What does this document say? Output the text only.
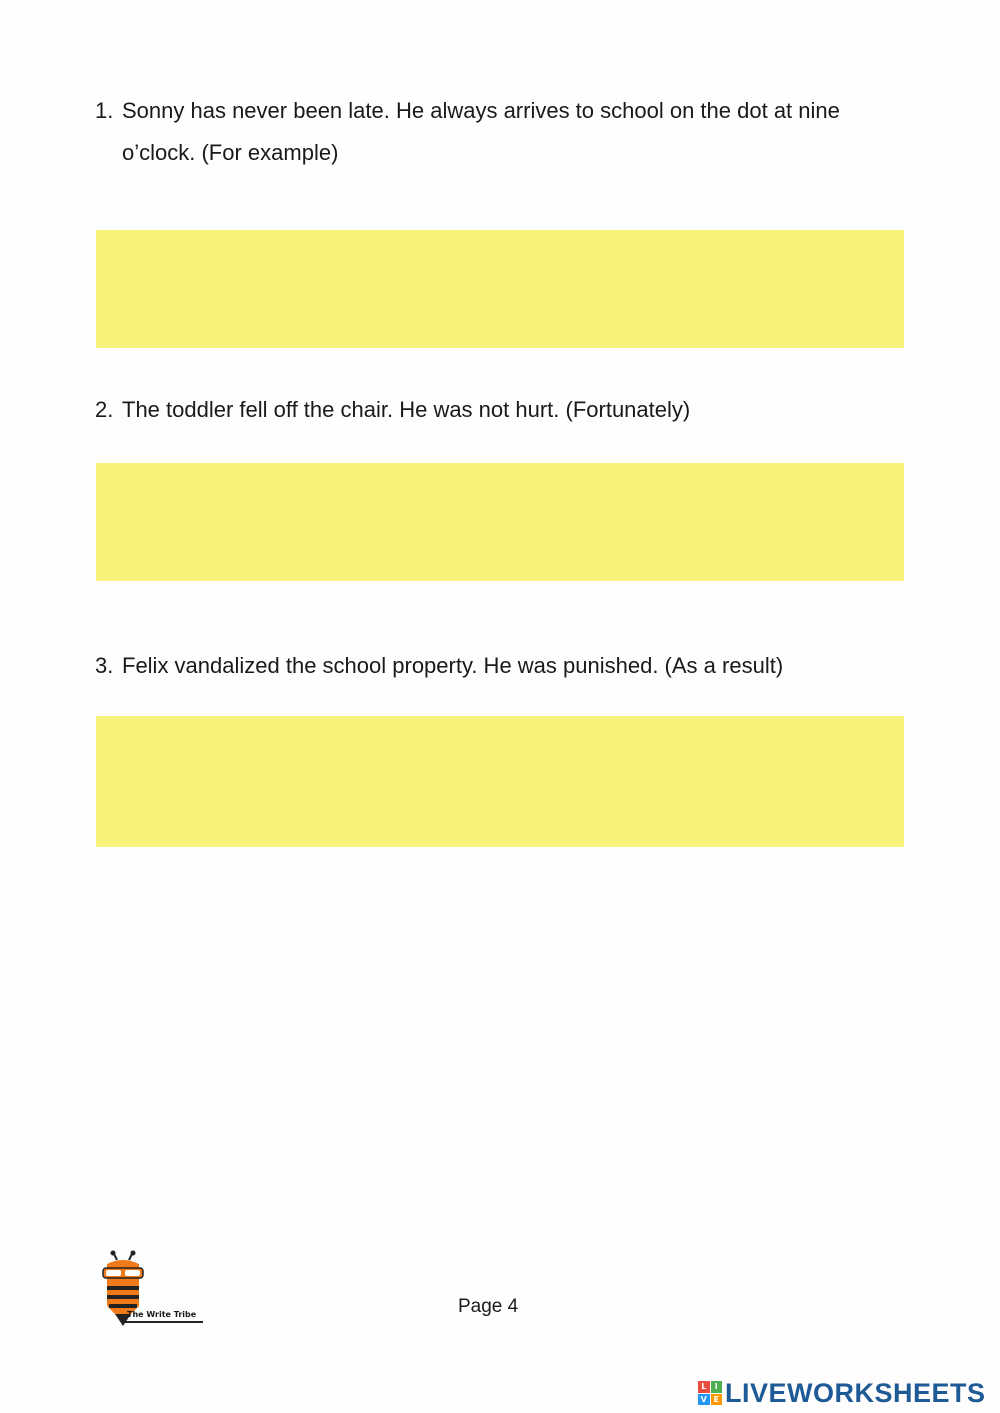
1. Sonny has never been late. He always arrives to school on the dot at nine o’clock. (For example)
2. The toddler fell off the chair. He was not hurt. (Fortunately)
3. Felix vandalized the school property. He was punished. (As a result)
The Write Tribe	Page 4
L	I
V E LIVEWORKSHEETS
